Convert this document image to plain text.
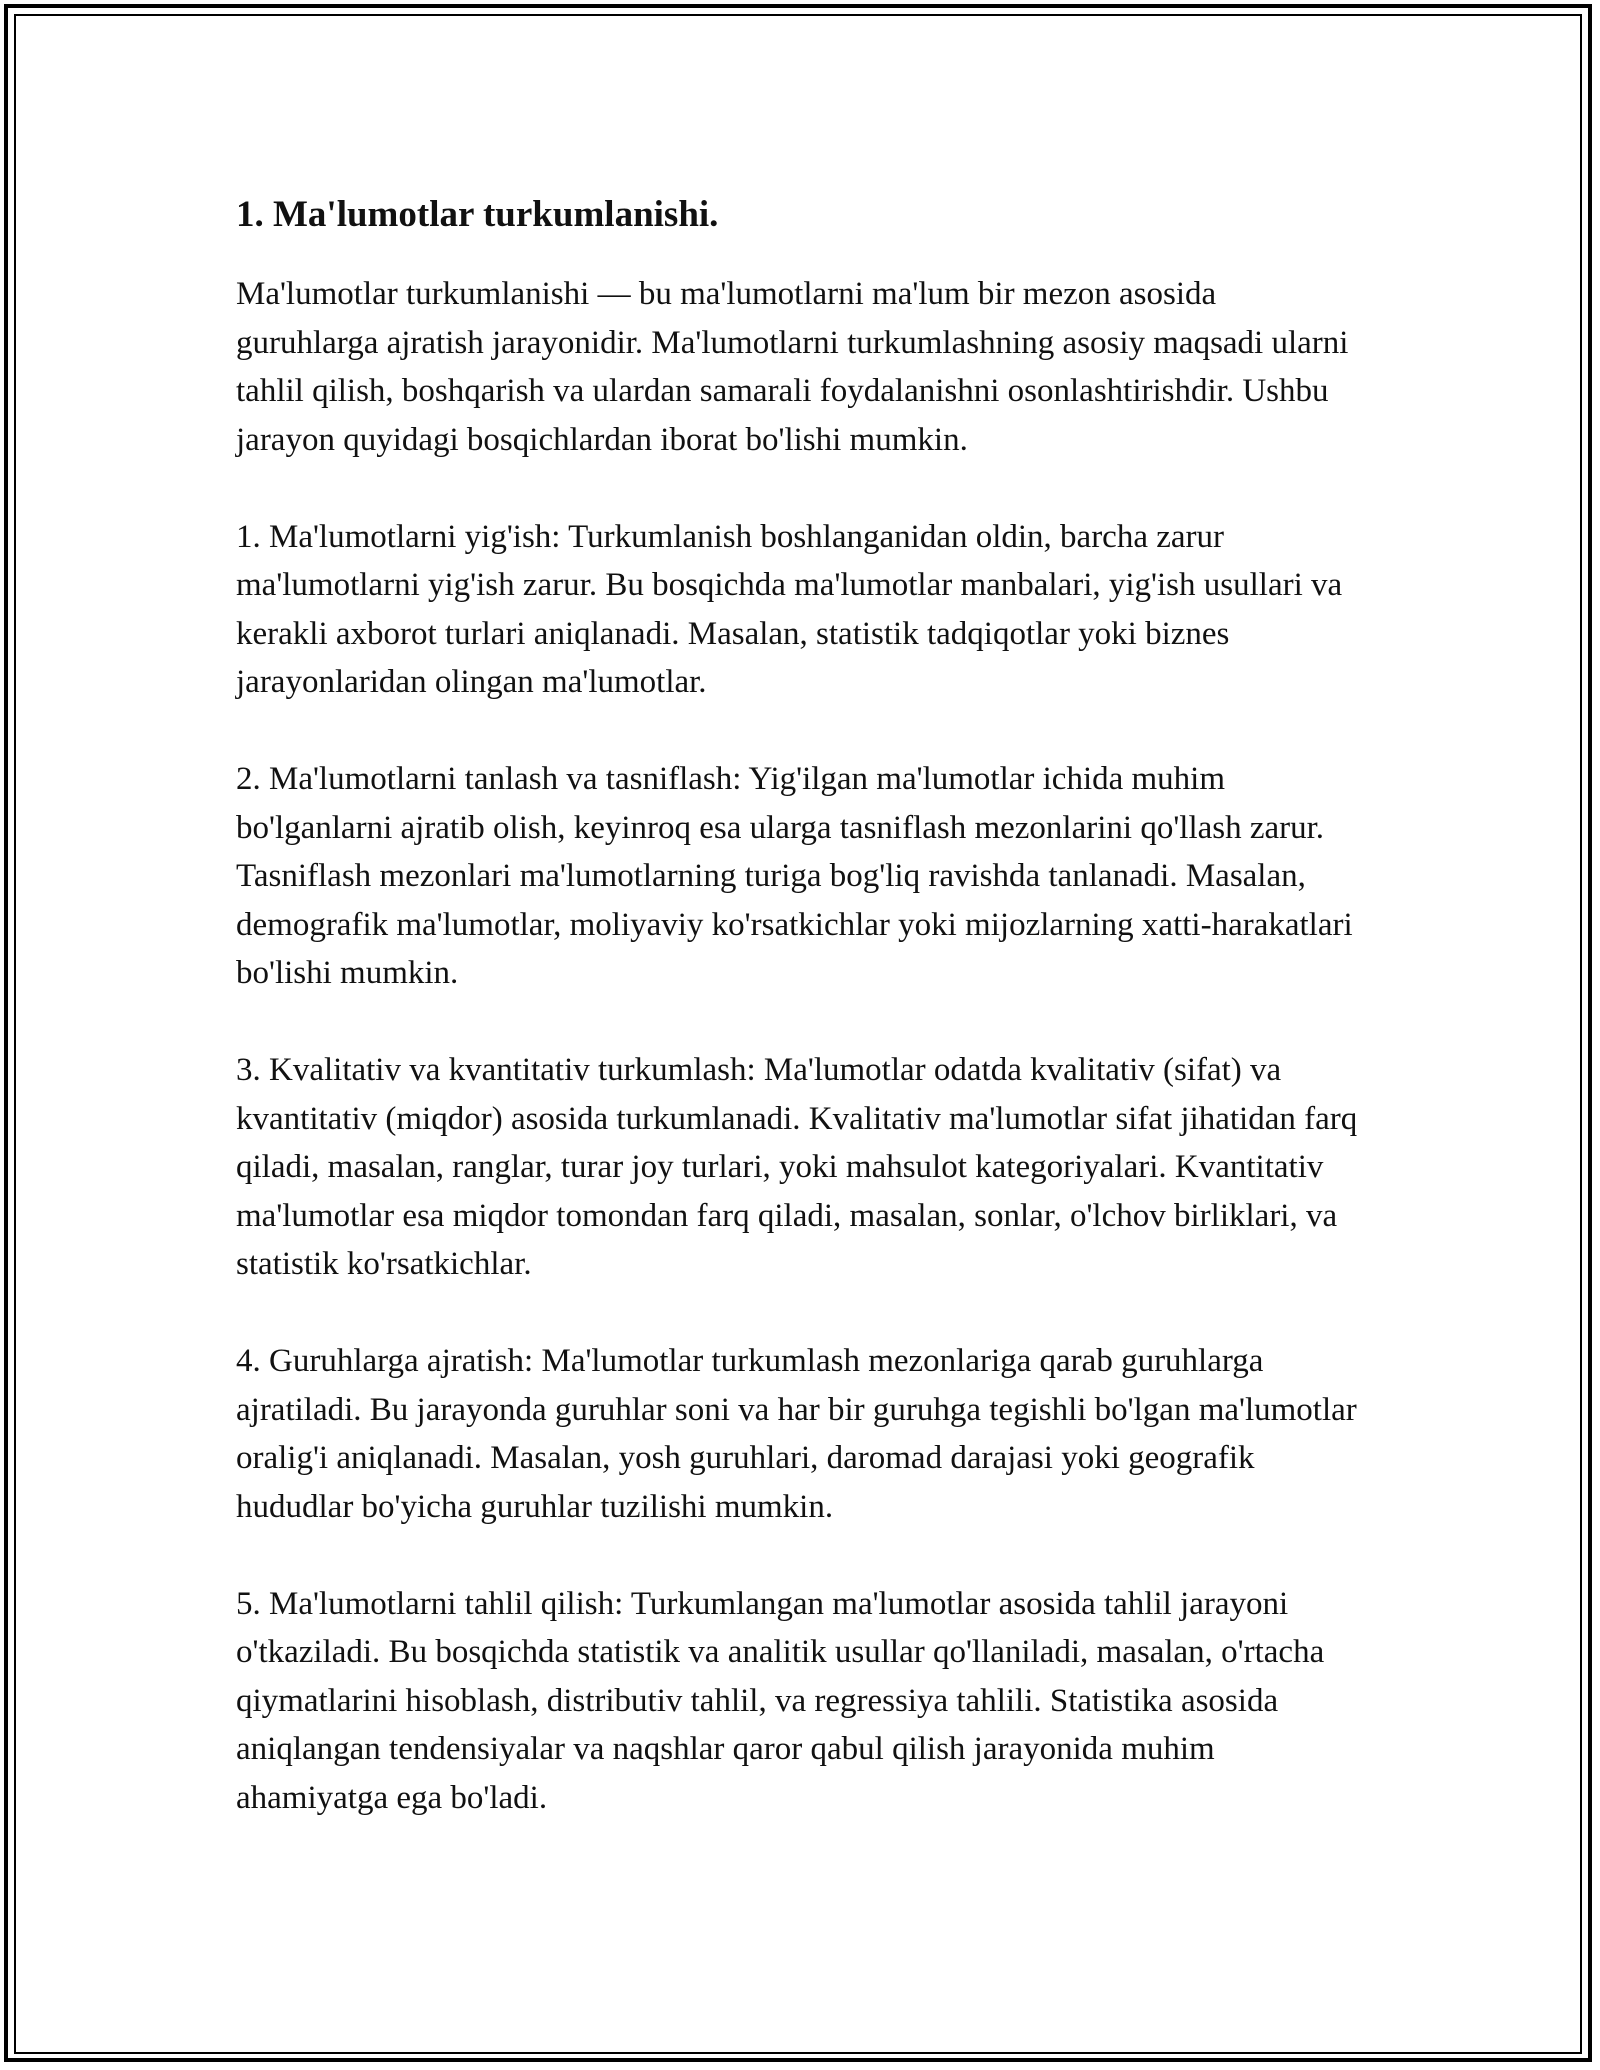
1. Ma'lumotlar turkumlanishi.

Ma'lumotlar turkumlanishi — bu ma'lumotlarni ma'lum bir mezon asosida guruhlarga ajratish jarayonidir. Ma'lumotlarni turkumlashning asosiy maqsadi ularni tahlil qilish, boshqarish va ulardan samarali foydalanishni osonlashtirishdir. Ushbu jarayon quyidagi bosqichlardan iborat bo'lishi mumkin.

1. Ma'lumotlarni yig'ish: Turkumlanish boshlanganidan oldin, barcha zarur ma'lumotlarni yig'ish zarur. Bu bosqichda ma'lumotlar manbalari, yig'ish usullari va kerakli axborot turlari aniqlanadi. Masalan, statistik tadqiqotlar yoki biznes jarayonlaridan olingan ma'lumotlar.

2. Ma'lumotlarni tanlash va tasniflash: Yig'ilgan ma'lumotlar ichida muhim bo'lganlarni ajratib olish, keyinroq esa ularga tasniflash mezonlarini qo'llash zarur. Tasniflash mezonlari ma'lumotlarning turiga bog'liq ravishda tanlanadi. Masalan, demografik ma'lumotlar, moliyaviy ko'rsatkichlar yoki mijozlarning xatti-harakatlari bo'lishi mumkin.

3. Kvalitativ va kvantitativ turkumlash: Ma'lumotlar odatda kvalitativ (sifat) va kvantitativ (miqdor) asosida turkumlanadi. Kvalitativ ma'lumotlar sifat jihatidan farq qiladi, masalan, ranglar, turar joy turlari, yoki mahsulot kategoriyalari. Kvantitativ ma'lumotlar esa miqdor tomondan farq qiladi, masalan, sonlar, o'lchov birliklari, va statistik ko'rsatkichlar.

4. Guruhlarga ajratish: Ma'lumotlar turkumlash mezonlariga qarab guruhlarga ajratiladi. Bu jarayonda guruhlar soni va har bir guruhga tegishli bo'lgan ma'lumotlar oralig'i aniqlanadi. Masalan, yosh guruhlari, daromad darajasi yoki geografik hududlar bo'yicha guruhlar tuzilishi mumkin.

5. Ma'lumotlarni tahlil qilish: Turkumlangan ma'lumotlar asosida tahlil jarayoni o'tkaziladi. Bu bosqichda statistik va analitik usullar qo'llaniladi, masalan, o'rtacha qiymatlarini hisoblash, distributiv tahlil, va regressiya tahlili. Statistika asosida aniqlangan tendensiyalar va naqshlar qaror qabul qilish jarayonida muhim ahamiyatga ega bo'ladi.
